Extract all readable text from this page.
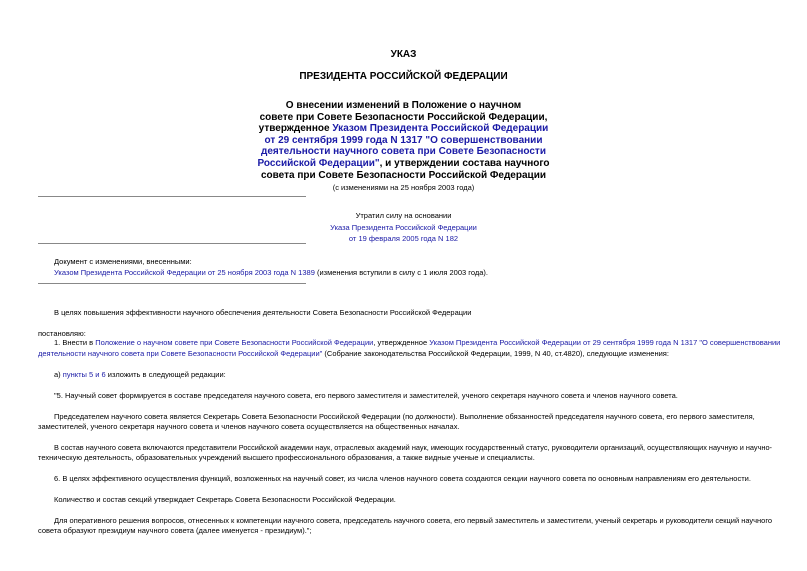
УКАЗ
ПРЕЗИДЕНТА РОССИЙСКОЙ ФЕДЕРАЦИИ
О внесении изменений в Положение о научном
совете при Совете Безопасности Российской Федерации,
утвержденное Указом Президента Российской Федерации
от 29 сентября 1999 года N 1317 "О совершенствовании
деятельности научного совета при Совете Безопасности
Российской Федерации", и утверждении состава научного
совета при Совете Безопасности Российской Федерации
(с изменениями на 25 ноября 2003 года)
Утратил силу на основании
Указа Президента Российской Федерации
от 19 февраля 2005 года N 182
Документ с изменениями, внесенными:
Указом Президента Российской Федерации от 25 ноября 2003 года N 1389 (изменения вступили в силу с 1 июля 2003 года).
В целях повышения эффективности научного обеспечения деятельности Совета Безопасности Российской Федерации
постановляю:
1. Внести в Положение о научном совете при Совете Безопасности Российской Федерации, утвержденное Указом Президента Российской Федерации от 29 сентября 1999 года N 1317 "О совершенствовании
деятельности научного совета при Совете Безопасности Российской Федерации" (Собрание законодательства Российской Федерации, 1999, N 40, ст.4820), следующие изменения:
а) пункты 5 и 6 изложить в следующей редакции:
"5. Научный совет формируется в составе председателя научного совета, его первого заместителя и заместителей, ученого секретаря научного совета и членов научного совета.
Председателем научного совета является Секретарь Совета Безопасности Российской Федерации (по должности). Выполнение обязанностей председателя научного совета, его первого заместителя,
заместителей, ученого секретаря научного совета и членов научного совета осуществляется на общественных началах.
В состав научного совета включаются представители Российской академии наук, отраслевых академий наук, имеющих государственный статус, руководители организаций, осуществляющих научную и научно-
техническую деятельность, образовательных учреждений высшего профессионального образования, а также видные ученые и специалисты.
6. В целях эффективного осуществления функций, возложенных на научный совет, из числа членов научного совета создаются секции научного совета по основным направлениям его деятельности.
Количество и состав секций утверждает Секретарь Совета Безопасности Российской Федерации.
Для оперативного решения вопросов, отнесенных к компетенции научного совета, председатель научного совета, его первый заместитель и заместители, ученый секретарь и руководители секций научного
совета образуют президиум научного совета (далее именуется - президиум).";
